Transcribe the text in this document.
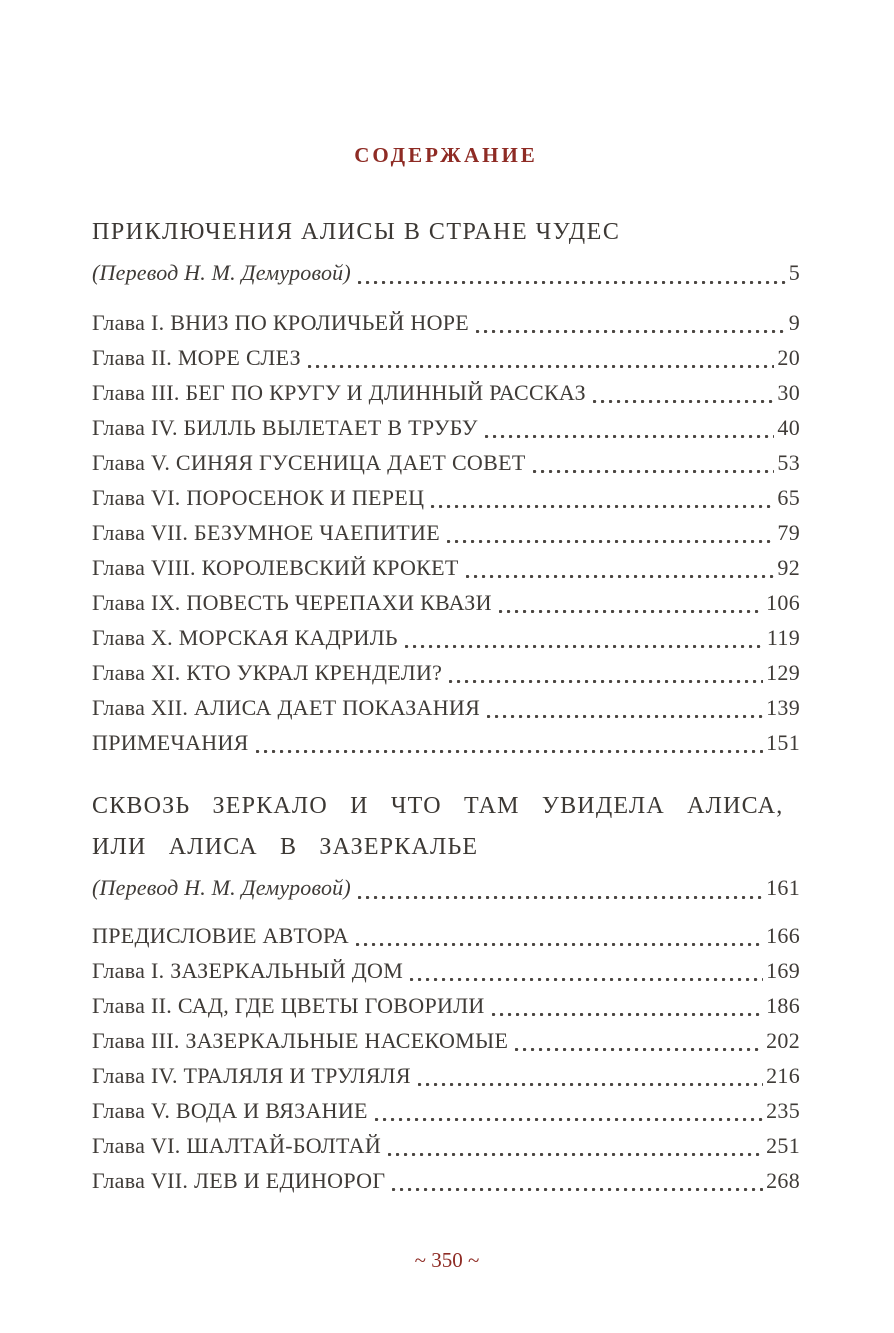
СОДЕРЖАНИЕ
ПРИКЛЮЧЕНИЯ АЛИСЫ В СТРАНЕ ЧУДЕС
(Перевод Н. М. Демуровой)	5
Глава I. ВНИЗ ПО КРОЛИЧЬЕЙ НОРЕ	9
Глава II. МОРЕ СЛЕЗ	20
Глава III. БЕГ ПО КРУГУ И ДЛИННЫЙ РАССКАЗ	30
Глава IV. БИЛЛЬ ВЫЛЕТАЕТ В ТРУБУ	40
Глава V. СИНЯЯ ГУСЕНИЦА ДАЕТ СОВЕТ	53
Глава VI. ПОРОСЕНОК И ПЕРЕЦ	65
Глава VII. БЕЗУМНОЕ ЧАЕПИТИЕ	79
Глава VIII. КОРОЛЕВСКИЙ КРОКЕТ	92
Глава IX. ПОВЕСТЬ ЧЕРЕПАХИ КВАЗИ	106
Глава X. МОРСКАЯ КАДРИЛЬ	119
Глава XI. КТО УКРАЛ КРЕНДЕЛИ?	129
Глава XII. АЛИСА ДАЕТ ПОКАЗАНИЯ	139
ПРИМЕЧАНИЯ	151
СКВОЗЬ ЗЕРКАЛО И ЧТО ТАМ УВИДЕЛА АЛИСА,
ИЛИ АЛИСА В ЗАЗЕРКАЛЬЕ
(Перевод Н. М. Демуровой)	161
ПРЕДИСЛОВИЕ АВТОРА	166
Глава I. ЗАЗЕРКАЛЬНЫЙ ДОМ	169
Глава II. САД, ГДЕ ЦВЕТЫ ГОВОРИЛИ	186
Глава III. ЗАЗЕРКАЛЬНЫЕ НАСЕКОМЫЕ	202
Глава IV. ТРАЛЯЛЯ И ТРУЛЯЛЯ	216
Глава V. ВОДА И ВЯЗАНИЕ	235
Глава VI. ШАЛТАЙ-БОЛТАЙ	251
Глава VII. ЛЕВ И ЕДИНОРОГ	268
~ 350 ~
